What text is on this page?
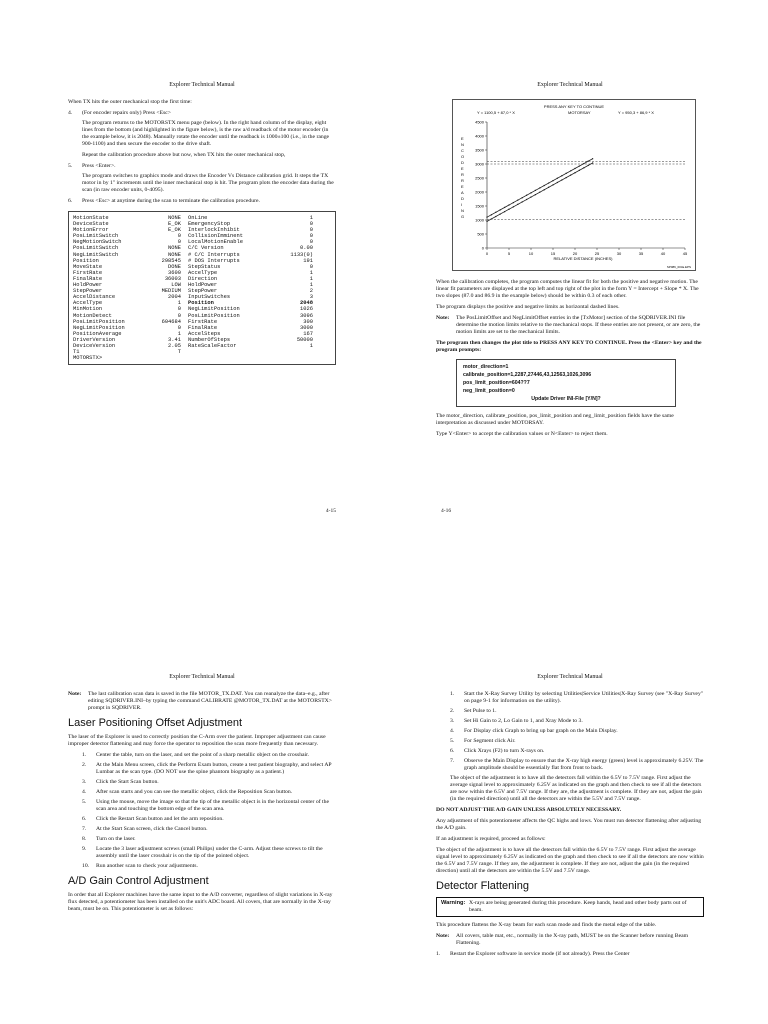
Explorer Technical Manual

When TX hits the outer mechanical stop the first time:

4.	(For encoder repairs only) Press <Esc>

The program returns to the MOTORSTX menu page (below). In the right hand column of the display, eight lines from the bottom (and highlighted in the figure below), is the raw a/d readback of the motor encoder (in the example below, it is 2048). Manually rotate the encoder until the readback is 1000±100 (i.e., in the range 900-1100) and then secure the encoder to the drive shaft.

Repeat the calibration procedure above but now, when TX hits the outer mechanical stop,

5.	Press <Enter>.

The program switches to graphics mode and draws the Encoder Vs Distance calibration grid. It steps the TX motor in by 1" increments until the inner mechanical stop is hit. The program plots the encoder data during the scan (in raw encoder units, 0-4095).

6.	Press <Esc> at anytime during the scan to terminate the calibration procedure.
MotionState	NONE	OnLine	1
DeviceState	E_OK	EmergencyStop	0
MotionError	E_OK	InterlockInhibit	0
PosLimitSwitch	0	CollisionImminent	0
NegMotionSwitch	0	LocalMotionEnable	0
PosLimitSwitch	NONE	C/C Version	0.00
NegLimitSwitch	NONE	# C/C Interrupts	1133(0)
Position	298545	# DOS Interrupts	191
MoveState	DONE	StepStatus	0
FirstRate	3600	AccelType	1
FinalRate	36003	Direction	1
HoldPower	LOW	HoldPower	1
StepPower	MEDIUM	StepPower	2
AccelDistance	2004	InputSwitches	3
AccelType	1	Position	2048
MinMotion	0	NegLimitPosition	1026
MotionDetect	0	PosLimitPosition	3096
PosLimitPosition	604684	FirstRate	300
NegLimitPosition	0	FinalRate	3000
PositionAverage	1	AccelSteps	167
DriverVersion	3.41	NumberOfSteps	50000
DeviceVersion	2.05	RateScaleFactor	1
T1	T
MOTORSTX>
4-15
Explorer Technical Manual
PRESS ANY KEY TO CONTINUE
Y = 1100,5 + 87,0 * X	MOTORSAY	Y = 950,3 + 86,9 * X
E
N
C
O
D
E
R
R
E
A
D
I
N
G
0
500
1000
1500
2000
2500
3000
3500
4000
4500
0	5	10	15	20	25	30	35	40	45
RELATIVE DISTANCE (INCHES)
SP086_003a.EPS

When the calibration completes, the program computes the linear fit for both the positive and negative motion. The linear fit parameters are displayed at the top left and top right of the plot in the form Y = Intercept + Slope * X. The two slopes (87.0 and 86.9 in the example below) should be within 0.3 of each other.

The program displays the positive and negative limits as horizontal dashed lines.

Note:	The PosLimitOffset and NegLimitOffset entries in the [TxMotor] section of the SQDRIVER.INI file determine the motion limits relative to the mechanical stops. If these entries are not present, or are zero, the motion limits are set to the mechanical limits.

The program then changes the plot title to PRESS ANY KEY TO CONTINUE. Press the <Enter> key and the program prompts:

motor_direction=1
calibrate_position=1,2287,27446,43,12563,1026,3096
pos_limit_position=604??7
neg_limit_position=0
Update Driver INI-File [Y/N]?

The motor_direction, calibrate_position, pos_limit_position and neg_limit_position fields have the same interpretation as discussed under MOTORSAY.

Type Y<Enter> to accept the calibration values or N<Enter> to reject them.

4-16
Explorer Technical Manual
Note:	The last calibration scan data is saved in the file MOTOR_TX.DAT. You can reanalyze the data–e.g., after editing SQDRIVER.INI–by typing the command CALIBRATE @MOTOR_TX.DAT at the MOTORSTX> prompt in SQDRIVER.
Laser Positioning Offset Adjustment

The laser of the Explorer is used to correctly position the C-Arm over the patient. Improper adjustment can cause improper detector flattening and may force the operator to reposition the scan more frequently than necessary.

1.	Center the table, turn on the laser, and set the point of a sharp metallic object on the crosshair.
2.	At the Main Menu screen, click the Perform Exam button, create a test patient biography, and select AP Lumbar as the scan type. (DO NOT use the spine phantom biography as a patient.)
3.	Click the Start Scan button.
4.	After scan starts and you can see the metallic object, click the Reposition Scan button.
5.	Using the mouse, move the image so that the tip of the metallic object is in the horizontal center of the scan area and touching the bottom edge of the scan area.
6.	Click the Restart Scan button and let the arm reposition.
7.	At the Start Scan screen, click the Cancel button.
8.	Turn on the laser.
9.	Locate the 3 laser adjustment screws (small Philips) under the C-arm. Adjust these screws to tilt the assembly until the laser crosshair is on the tip of the pointed object.
10.	Run another scan to check your adjustments.
A/D Gain Control Adjustment

In order that all Explorer machines have the same input to the A/D converter, regardless of slight variations in X-ray flux detected, a potentiometer has been installed on the unit's ADC board. All covers, that are normally in the X-ray beam, must be on. This potentiometer is set as follows:

Explorer Technical Manual
1.	Start the X-Ray Survey Utility by selecting Utilities|Service Utilities|X-Ray Survey (see "X-Ray Survey" on page 9-1 for information on the utility).
2.	Set Pulse to 1.
3.	Set Hi Gain to 2, Lo Gain to 1, and Xray Mode to 3.
4.	For Display click Graph to bring up bar graph on the Main Display.
5.	For Segment click Air.
6.	Click Xrays (F2) to turn X-rays on.
7.	Observe the Main Display to ensure that the X-ray high energy (green) level is approximately 6.25V. The graph amplitude should be essentially flat from front to back.

The object of the adjustment is to have all the detectors fall within the 6.5V to 7.5V range. First adjust the average signal level to approximately 6.25V as indicated on the graph and then check to see if all the detectors are now within the 6.5V and 7.5V range. If they are, the adjustment is complete. If they are not, adjust the gain (in the required direction) until all the detectors are within the 5.5V and 7.5V range.

DO NOT ADJUST THE A/D GAIN UNLESS ABSOLUTELY NECESSARY.

Any adjustment of this potentiometer affects the QC highs and lows. You must run detector flattening after adjusting the A/D gain.

If an adjustment is required, proceed as follows:

The object of the adjustment is to have all the detectors fall within the 6.5V to 7.5V range. First adjust the average signal level to approximately 6.25V as indicated on the graph and then check to see if all the detectors are now within the 6.5V and 7.5V range. If they are, the adjustment is complete. If they are not, adjust the gain (in the required direction) until all the detectors are within the 5.5V and 7.5V range.

Detector Flattening
Warning: X-rays are being generated during this procedure. Keep hands, head and other body parts out of beam.

This procedure flattens the X-ray beam for each scan mode and finds the metal edge of the table.

Note:	All covers, table mat, etc., normally in the X-ray path, MUST be on the Scanner before running Beam Flattening.
1.	Restart the Explorer software in service mode (if not already). Press the Center
